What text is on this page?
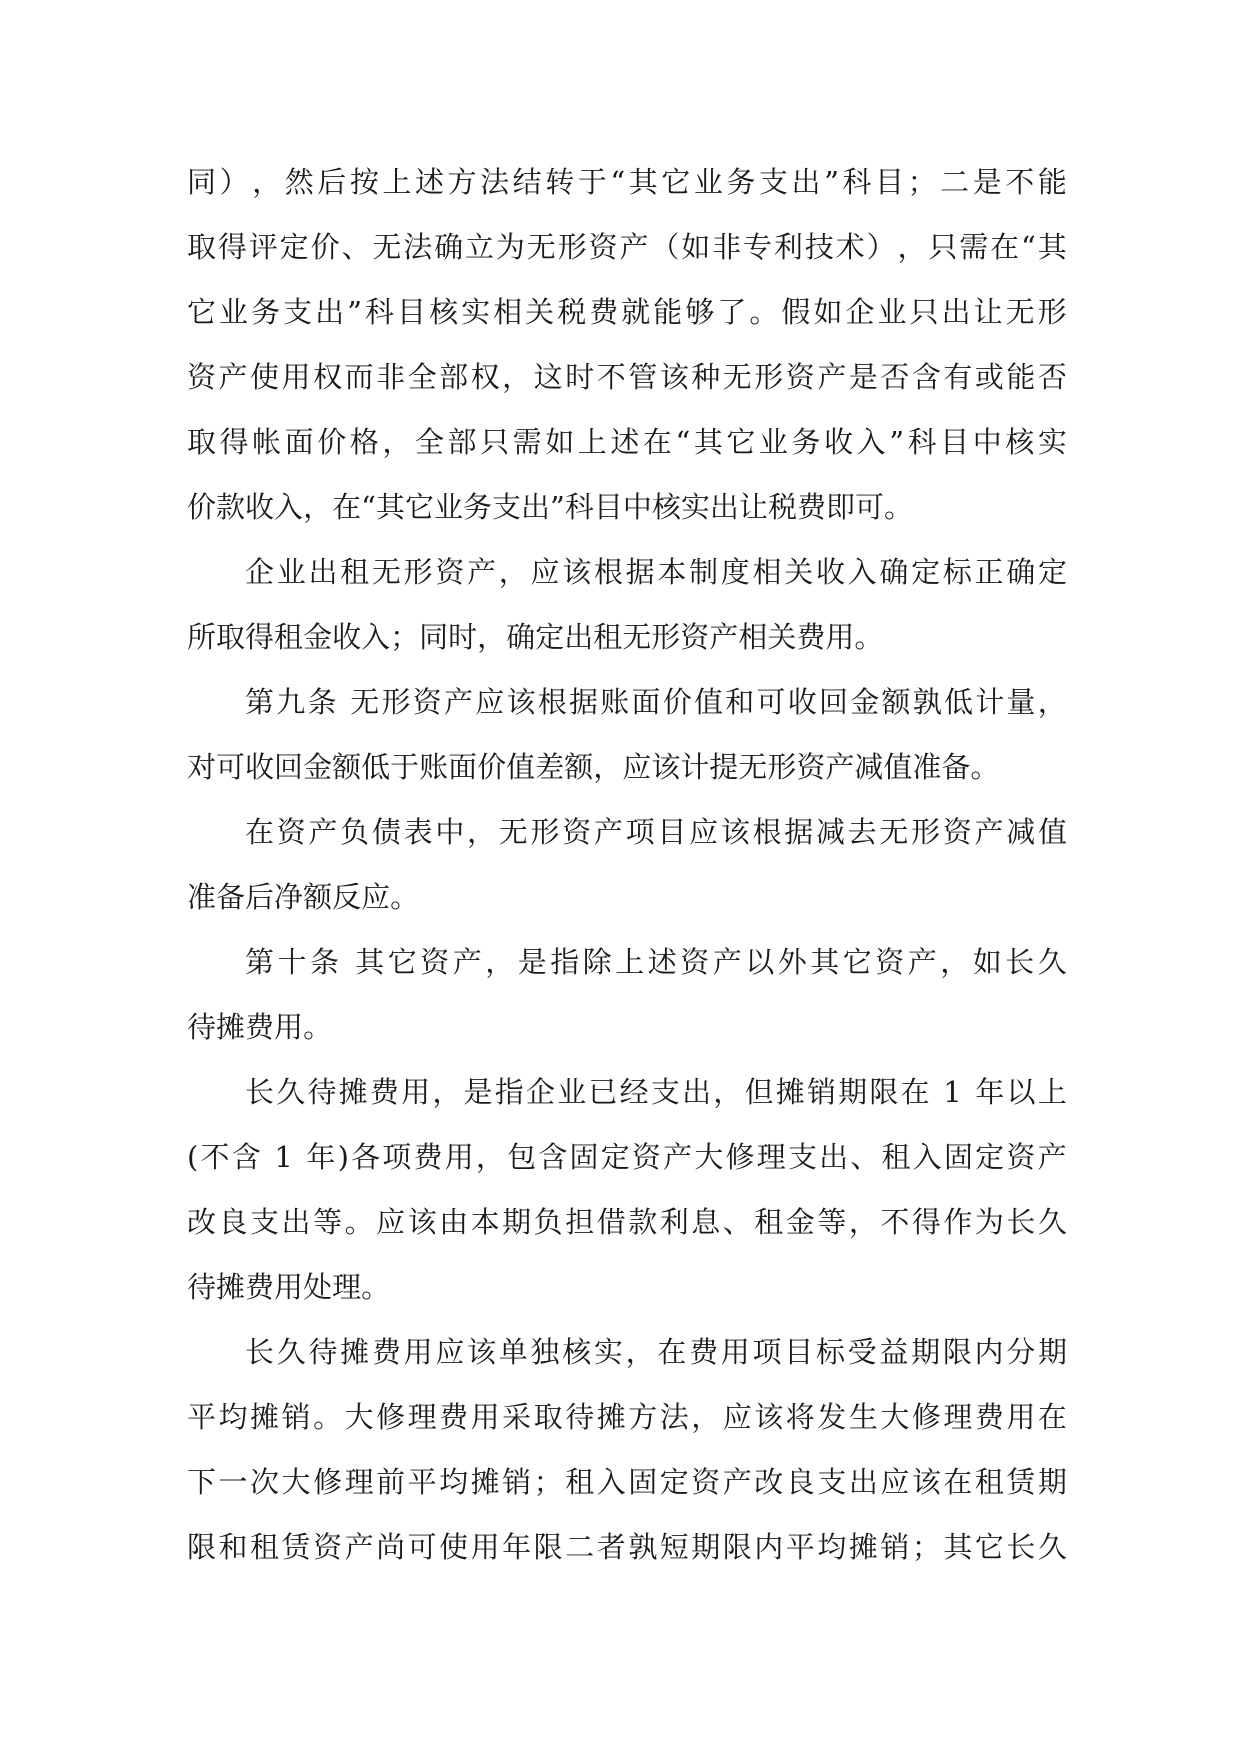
同 ） ， 然 后 按 上 述 方 法 结 转 于 “ 其 它 业 务 支 出 ” 科 目 ； 二 是 不 能
取 得 评 定 价 、 无 法 确 立 为 无 形 资 产 （ 如 非 专 利 技 术 ） ， 只 需 在 “ 其
它 业 务 支 出 ” 科 目 核 实 相 关 税 费 就 能 够 了 。 假 如 企 业 只 出 让 无 形
资 产 使 用 权 而 非 全 部 权 ， 这 时 不 管 该 种 无 形 资 产 是 否 含 有 或 能 否
取 得 帐 面 价 格 ， 全 部 只 需 如 上 述 在 “ 其 它 业 务 收 入 ” 科 目 中 核 实
价 款 收 入 ， 在 “ 其 它 业 务 支 出 ” 科 目 中 核 实 出 让 税 费 即 可 。
企 业 出 租 无 形 资 产 ， 应 该 根 据 本 制 度 相 关 收 入 确 定 标 正 确 定
所 取 得 租 金 收 入 ； 同 时 ， 确 定 出 租 无 形 资 产 相 关 费 用 。
第 九 条
无 形 资 产 应 该 根 据 账 面 价 值 和 可 收 回 金 额 孰 低 计 量 ，
对 可 收 回 金 额 低 于 账 面 价 值 差 额 ， 应 该 计 提 无 形 资 产 减 值 准 备 。
在 资 产 负 债 表 中 ， 无 形 资 产 项 目 应 该 根 据 减 去 无 形 资 产 减 值
准 备 后 净 额 反 应 。
第 十 条
其 它 资 产 ， 是 指 除 上 述 资 产 以 外 其 它 资 产 ， 如 长 久
待 摊 费 用 。
长 久 待 摊 费 用 ， 是 指 企 业 已 经 支 出 ， 但 摊 销 期 限 在
1
年 以 上
( 不 含
1
年 ) 各 项 费 用 ， 包 含 固 定 资 产 大 修 理 支 出 、 租 入 固 定 资 产
改 良 支 出 等 。 应 该 由 本 期 负 担 借 款 利 息 、 租 金 等 ， 不 得 作 为 长 久
待 摊 费 用 处 理 。
长 久 待 摊 费 用 应 该 单 独 核 实 ， 在 费 用 项 目 标 受 益 期 限 内 分 期
平 均 摊 销 。 大 修 理 费 用 采 取 待 摊 方 法 ， 应 该 将 发 生 大 修 理 费 用 在
下 一 次 大 修 理 前 平 均 摊 销 ； 租 入 固 定 资 产 改 良 支 出 应 该 在 租 赁 期
限 和 租 赁 资 产 尚 可 使 用 年 限 二 者 孰 短 期 限 内 平 均 摊 销 ； 其 它 长 久
